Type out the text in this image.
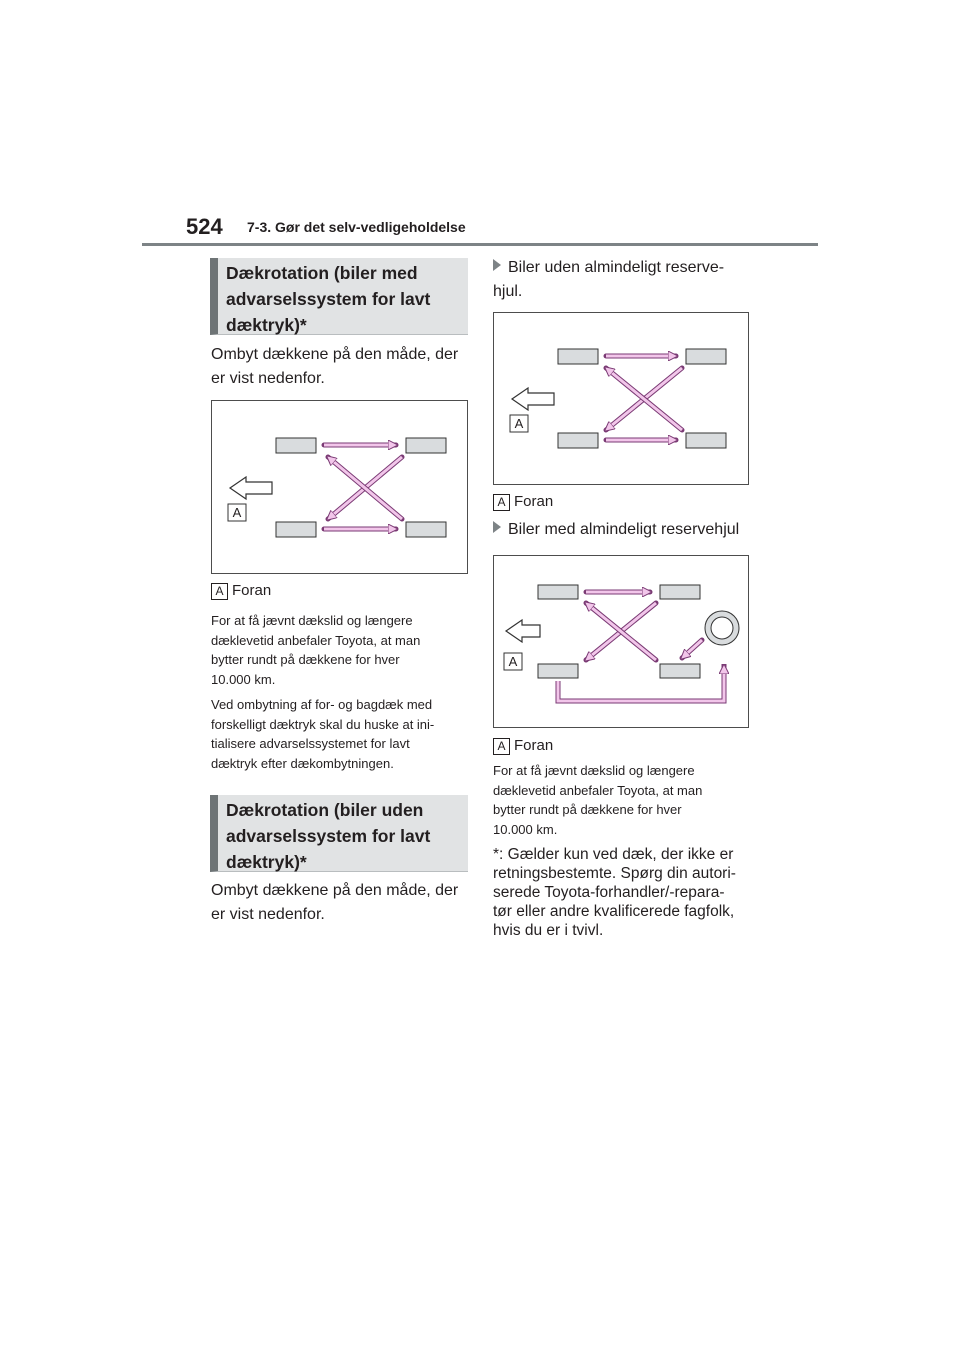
524 7-3. Gør det selv-vedligeholdelse
Dækrotation (biler med
advarselssystem for lavt
dæktryk)*
Ombyt dækkene på den måde, der
er vist nedenfor.
A
A Foran
For at få jævnt dækslid og længere
dæklevetid anbefaler Toyota, at man
bytter rundt på dækkene for hver
10.000 km.
Ved ombytning af for- og bagdæk med
forskelligt dæktryk skal du huske at ini-
tialisere advarselssystemet for lavt
dæktryk efter dækombytningen.
Dækrotation (biler uden
advarselssystem for lavt
dæktryk)*
Ombyt dækkene på den måde, der
er vist nedenfor.
Biler uden almindeligt reserve-
hjul.
A
A Foran
Biler med almindeligt reservehjul
A
A Foran
For at få jævnt dækslid og længere
dæklevetid anbefaler Toyota, at man
bytter rundt på dækkene for hver
10.000 km.
*: Gælder kun ved dæk, der ikke er
retningsbestemte. Spørg din autori-
serede Toyota-forhandler/-repara-
tør eller andre kvalificerede fagfolk,
hvis du er i tvivl.
